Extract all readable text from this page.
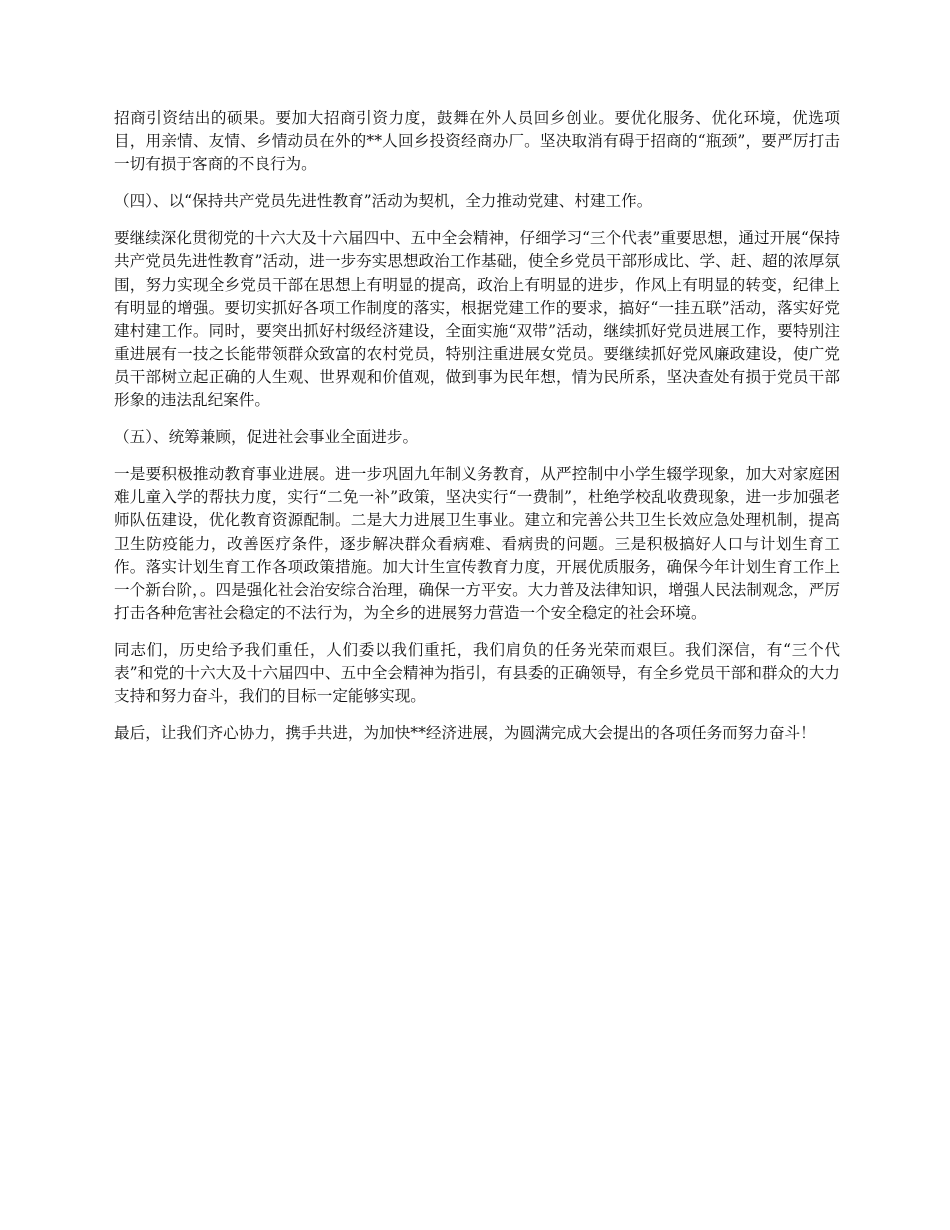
招商引资结出的硕果。要加大招商引资力度，鼓舞在外人员回乡创业。要优化服务、优化环境，优选项目，用亲情、友情、乡情动员在外的**人回乡投资经商办厂。坚决取消有碍于招商的“瓶颈”，要严厉打击一切有损于客商的不良行为。

（四）、以“保持共产党员先进性教育”活动为契机，全力推动党建、村建工作。

要继续深化贯彻党的十六大及十六届四中、五中全会精神，仔细学习“三个代表”重要思想，通过开展“保持共产党员先进性教育”活动，进一步夯实思想政治工作基础，使全乡党员干部形成比、学、赶、超的浓厚氛围，努力实现全乡党员干部在思想上有明显的提高，政治上有明显的进步，作风上有明显的转变，纪律上有明显的增强。要切实抓好各项工作制度的落实，根据党建工作的要求，搞好“一挂五联”活动，落实好党建村建工作。同时，要突出抓好村级经济建设，全面实施“双带”活动，继续抓好党员进展工作，要特别注重进展有一技之长能带领群众致富的农村党员，特别注重进展女党员。要继续抓好党风廉政建设，使广党员干部树立起正确的人生观、世界观和价值观，做到事为民年想，情为民所系，坚决查处有损于党员干部形象的违法乱纪案件。

（五）、统筹兼顾，促进社会事业全面进步。

一是要积极推动教育事业进展。进一步巩固九年制义务教育，从严控制中小学生辍学现象，加大对家庭困难儿童入学的帮扶力度，实行“二免一补”政策，坚决实行“一费制”，杜绝学校乱收费现象，进一步加强老师队伍建设，优化教育资源配制。二是大力进展卫生事业。建立和完善公共卫生长效应急处理机制，提高卫生防疫能力，改善医疗条件，逐步解决群众看病难、看病贵的问题。三是积极搞好人口与计划生育工作。落实计划生育工作各项政策措施。加大计生宣传教育力度，开展优质服务，确保今年计划生育工作上一个新台阶，。四是强化社会治安综合治理，确保一方平安。大力普及法律知识，增强人民法制观念，严厉打击各种危害社会稳定的不法行为，为全乡的进展努力营造一个安全稳定的社会环境。

同志们，历史给予我们重任，人们委以我们重托，我们肩负的任务光荣而艰巨。我们深信，有“三个代表”和党的十六大及十六届四中、五中全会精神为指引，有县委的正确领导，有全乡党员干部和群众的大力支持和努力奋斗，我们的目标一定能够实现。

最后，让我们齐心协力，携手共进，为加快**经济进展，为圆满完成大会提出的各项任务而努力奋斗！
